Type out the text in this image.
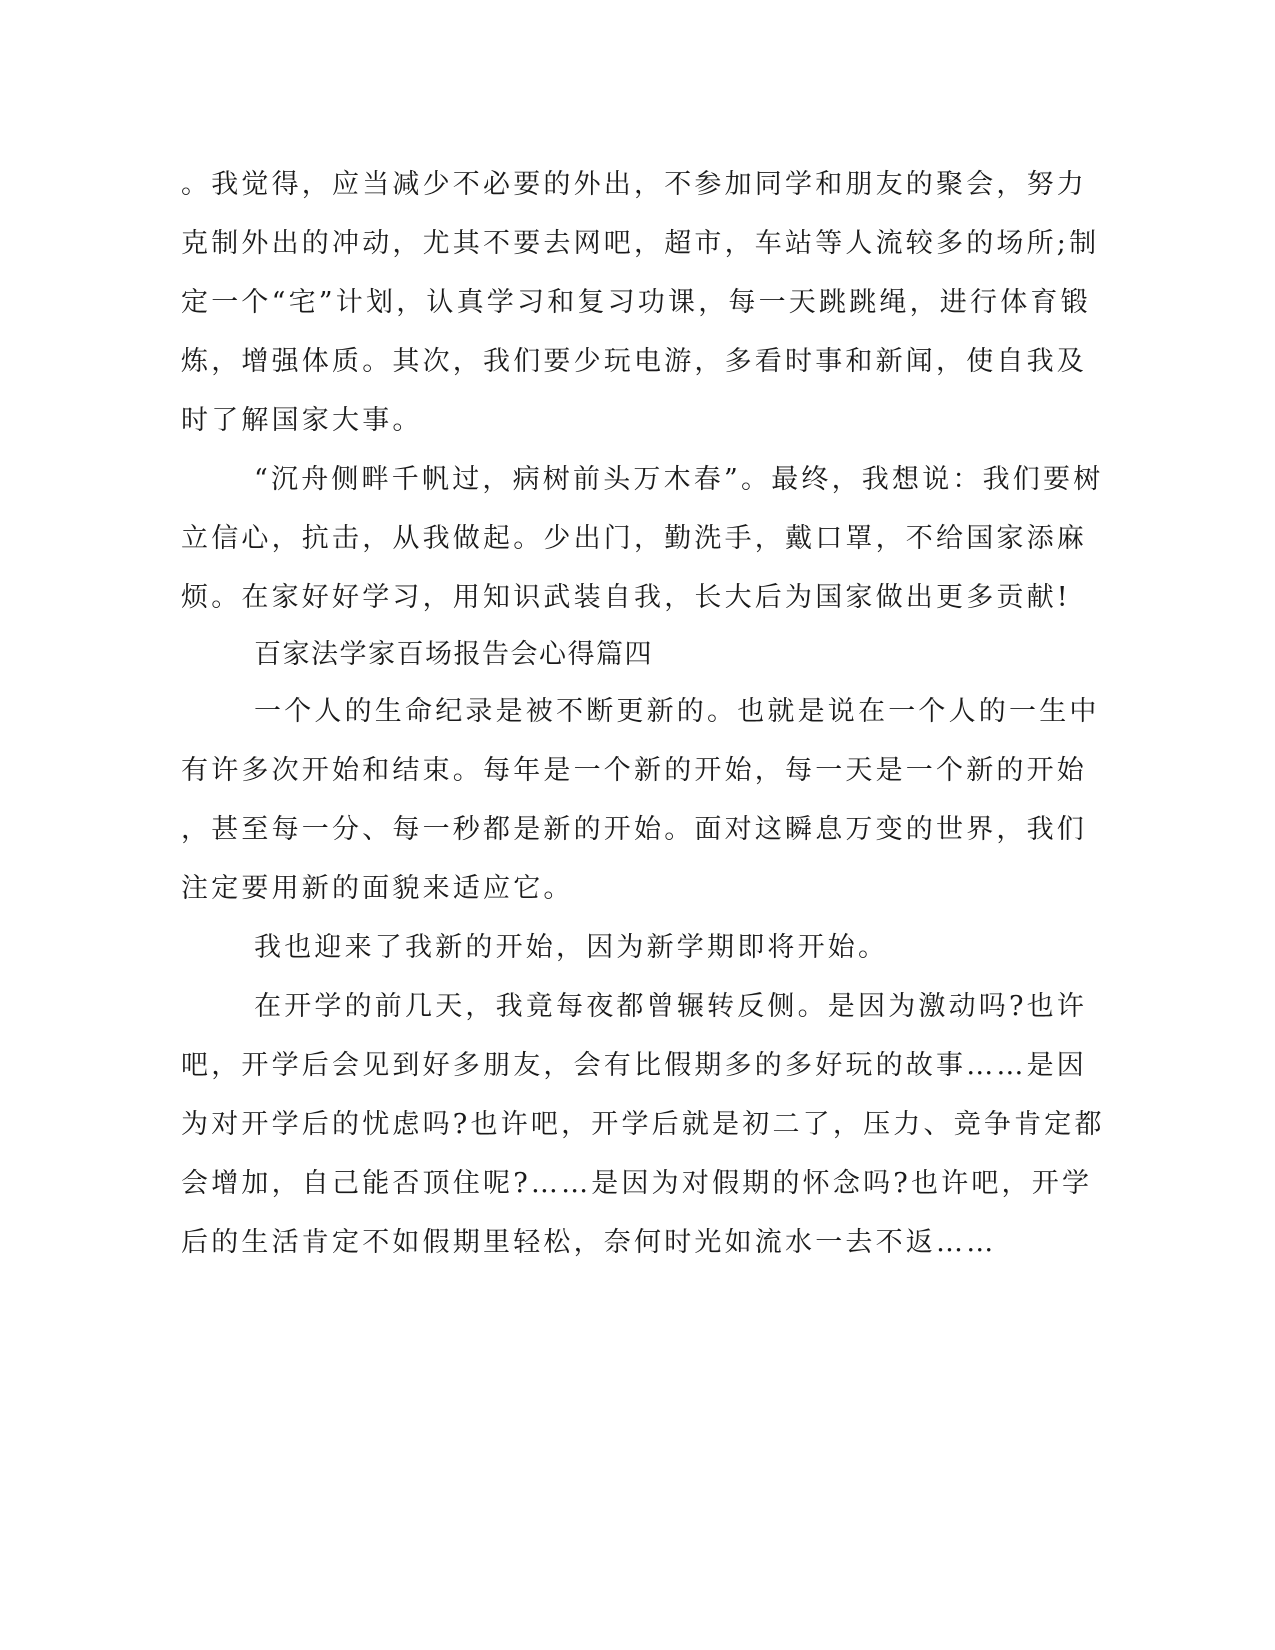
。我觉得，应当减少不必要的外出，不参加同学和朋友的聚会，努力
克制外出的冲动，尤其不要去网吧，超市，车站等人流较多的场所;制
定一个“宅”计划，认真学习和复习功课，每一天跳跳绳，进行体育锻
炼，增强体质。其次，我们要少玩电游，多看时事和新闻，使自我及
时了解国家大事。
“沉舟侧畔千帆过，病树前头万木春”。最终，我想说：我们要树
立信心，抗击，从我做起。少出门，勤洗手，戴口罩，不给国家添麻
烦。在家好好学习，用知识武装自我，长大后为国家做出更多贡献!
百家法学家百场报告会心得篇四
一个人的生命纪录是被不断更新的。也就是说在一个人的一生中
有许多次开始和结束。每年是一个新的开始，每一天是一个新的开始
，甚至每一分、每一秒都是新的开始。面对这瞬息万变的世界，我们
注定要用新的面貌来适应它。
我也迎来了我新的开始，因为新学期即将开始。
在开学的前几天，我竟每夜都曾辗转反侧。是因为激动吗?也许
吧，开学后会见到好多朋友，会有比假期多的多好玩的故事……是因
为对开学后的忧虑吗?也许吧，开学后就是初二了，压力、竞争肯定都
会增加，自己能否顶住呢?……是因为对假期的怀念吗?也许吧，开学
后的生活肯定不如假期里轻松，奈何时光如流水一去不返……
